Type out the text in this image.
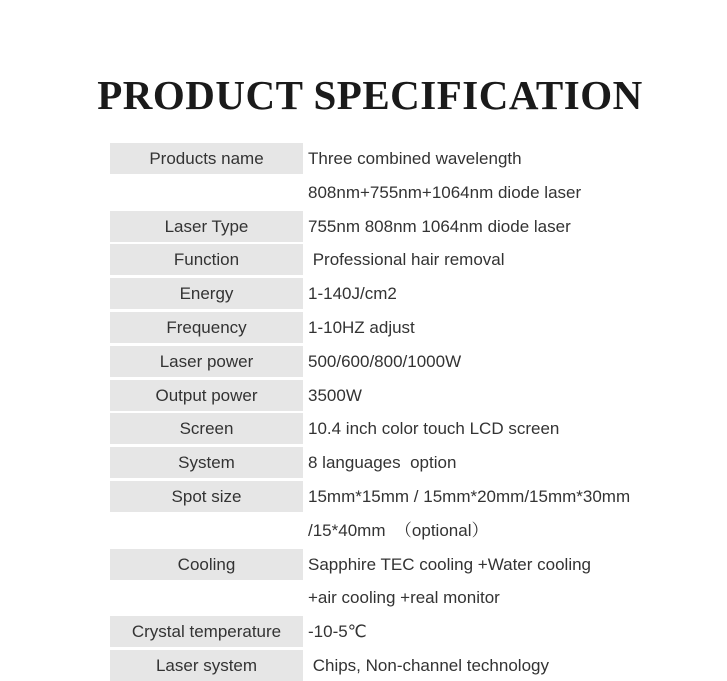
PRODUCT SPECIFICATION
Products name	Three combined wavelength
808nm+755nm+1064nm diode laser
Laser Type	755nm 808nm 1064nm diode laser
Function	Professional hair removal
Energy	1-140J/cm2
Frequency	1-10HZ adjust
Laser power	500/600/800/1000W
Output power	3500W
Screen	10.4 inch color touch LCD screen
System	8 languages  option
Spot size	15mm*15mm / 15mm*20mm/15mm*30mm
/15*40mm  （optional）
Cooling	Sapphire TEC cooling +Water cooling
+air cooling +real monitor
Crystal temperature	-10-5℃
Laser system	Chips, Non-channel technology
